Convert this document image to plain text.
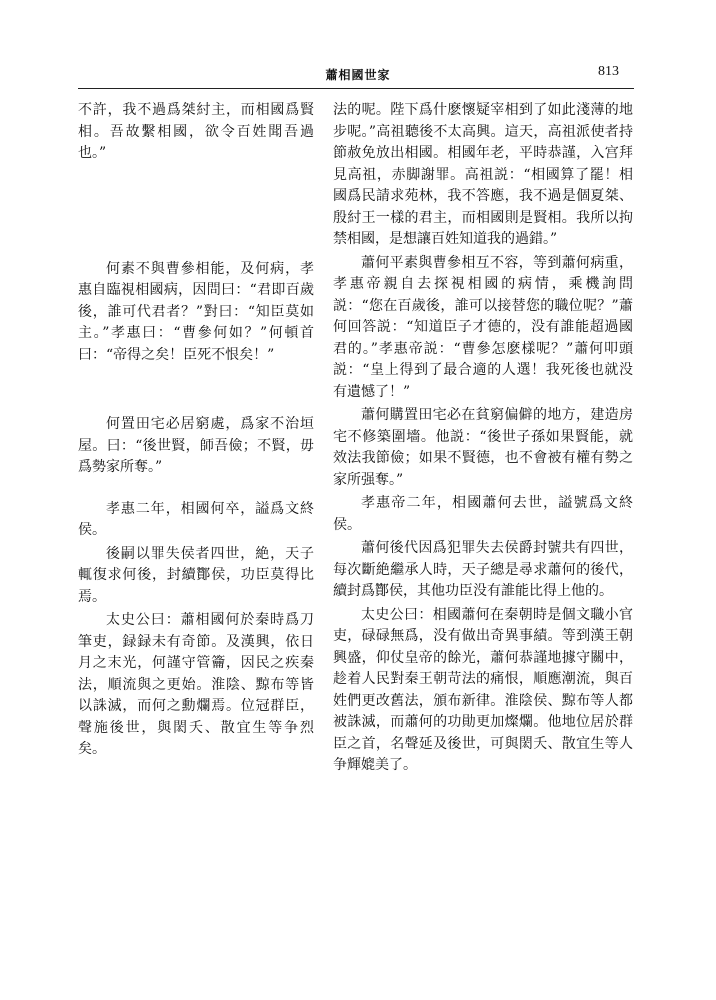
蕭相國世家	813

不許，我不過爲桀紂主，而相國爲賢相。吾故繫相國，欲令百姓聞吾過也。”

何素不與曹參相能，及何病，孝惠自臨視相國病，因問曰：“君即百歲後，誰可代君者？”對曰：“知臣莫如主。”孝惠曰：“曹參何如？”何頓首曰：“帝得之矣！臣死不恨矣！”

何置田宅必居窮處，爲家不治垣屋。曰：“後世賢，師吾儉；不賢，毋爲勢家所奪。”

孝惠二年，相國何卒，謚爲文終侯。

後嗣以罪失侯者四世，絶，天子輒復求何後，封續酇侯，功臣莫得比焉。

太史公曰：蕭相國何於秦時爲刀筆吏，録録未有奇節。及漢興，依日月之末光，何謹守管籥，因民之疾秦法，順流與之更始。淮陰、黥布等皆以誅滅，而何之勳爛焉。位冠群臣，聲施後世，與閎夭、散宜生等争烈矣。

法的呢。陛下爲什麽懷疑宰相到了如此淺薄的地步呢。”高祖聽後不太高興。這天，高祖派使者持節赦免放出相國。相國年老，平時恭謹，入宫拜見高祖，赤脚謝罪。高祖説：“相國算了罷！相國爲民請求苑林，我不答應，我不過是個夏桀、殷紂王一樣的君主，而相國則是賢相。我所以拘禁相國，是想讓百姓知道我的過錯。”

蕭何平素與曹參相互不容，等到蕭何病重，孝惠帝親自去探視相國的病情，乘機詢問説：“您在百歲後，誰可以接替您的職位呢？”蕭何回答説：“知道臣子才德的，没有誰能超過國君的。”孝惠帝説：“曹參怎麽樣呢？”蕭何叩頭説：“皇上得到了最合適的人選！我死後也就没有遺憾了！”

蕭何購置田宅必在貧窮偏僻的地方，建造房宅不修築圍墻。他説：“後世子孫如果賢能，就效法我節儉；如果不賢德，也不會被有權有勢之家所强奪。”

孝惠帝二年，相國蕭何去世，謚號爲文終侯。

蕭何後代因爲犯罪失去侯爵封號共有四世，每次斷絶繼承人時，天子總是尋求蕭何的後代，續封爲酇侯，其他功臣没有誰能比得上他的。

太史公曰：相國蕭何在秦朝時是個文職小官吏，碌碌無爲，没有做出奇異事績。等到漢王朝興盛，仰仗皇帝的餘光，蕭何恭謹地據守關中，趁着人民對秦王朝苛法的痛恨，順應潮流，與百姓們更改舊法，頒布新律。淮陰侯、黥布等人都被誅滅，而蕭何的功勛更加燦爛。他地位居於群臣之首，名聲延及後世，可與閎夭、散宜生等人争輝媲美了。
